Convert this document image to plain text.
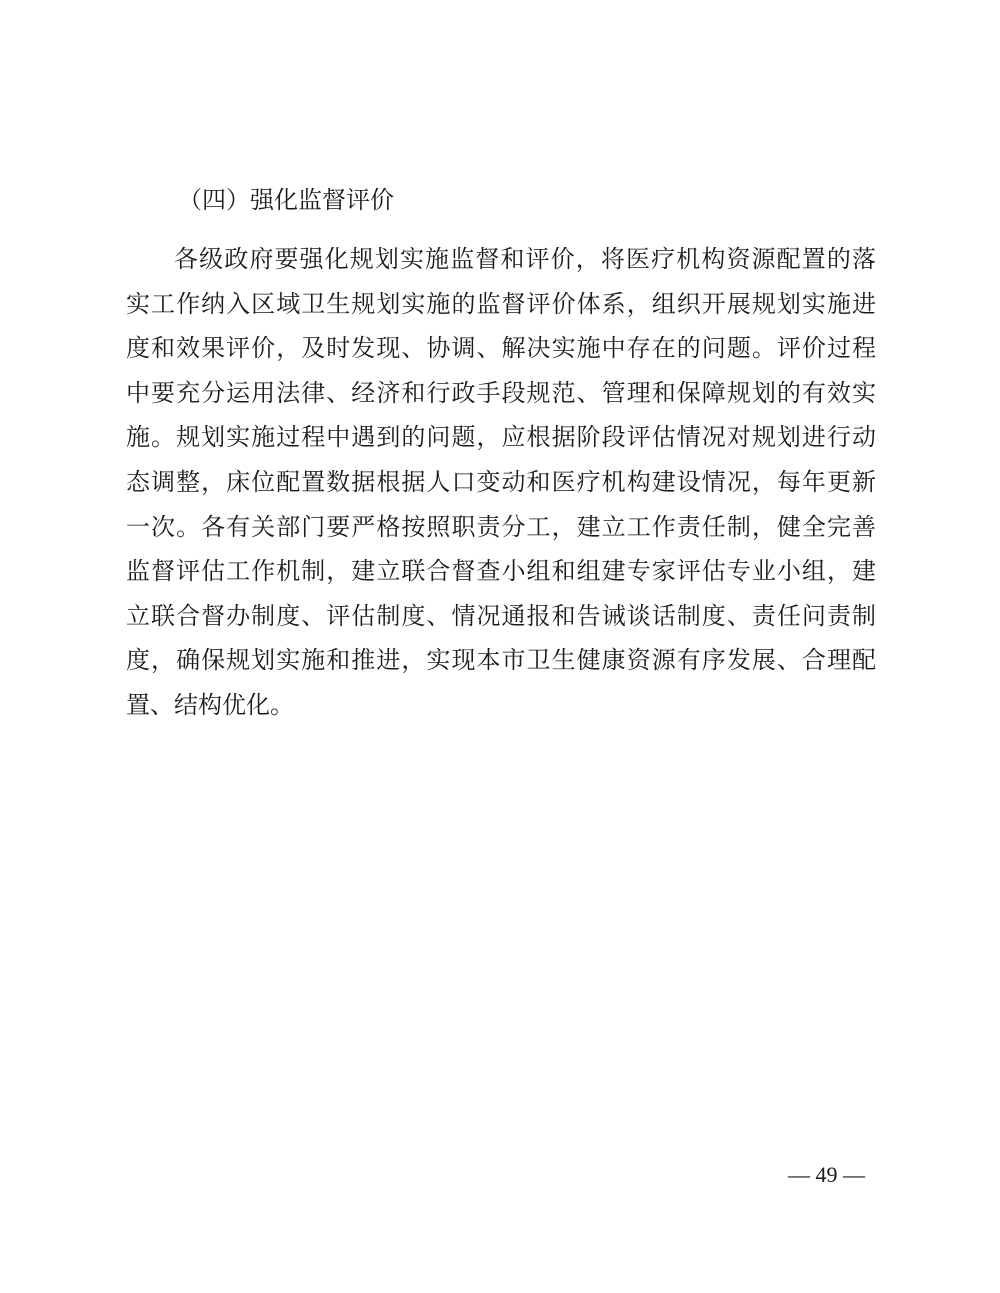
（四）强化监督评价
各级政府要强化规划实施监督和评价，将医疗机构资源配置的落
实工作纳入区域卫生规划实施的监督评价体系，组织开展规划实施进
度和效果评价，及时发现、协调、解决实施中存在的问题。评价过程
中要充分运用法律、经济和行政手段规范、管理和保障规划的有效实
施。规划实施过程中遇到的问题，应根据阶段评估情况对规划进行动
态调整，床位配置数据根据人口变动和医疗机构建设情况，每年更新
一次。各有关部门要严格按照职责分工，建立工作责任制，健全完善
监督评估工作机制，建立联合督查小组和组建专家评估专业小组，建
立联合督办制度、评估制度、情况通报和告诫谈话制度、责任问责制
度，确保规划实施和推进，实现本市卫生健康资源有序发展、合理配
置、结构优化。
— 49 —
